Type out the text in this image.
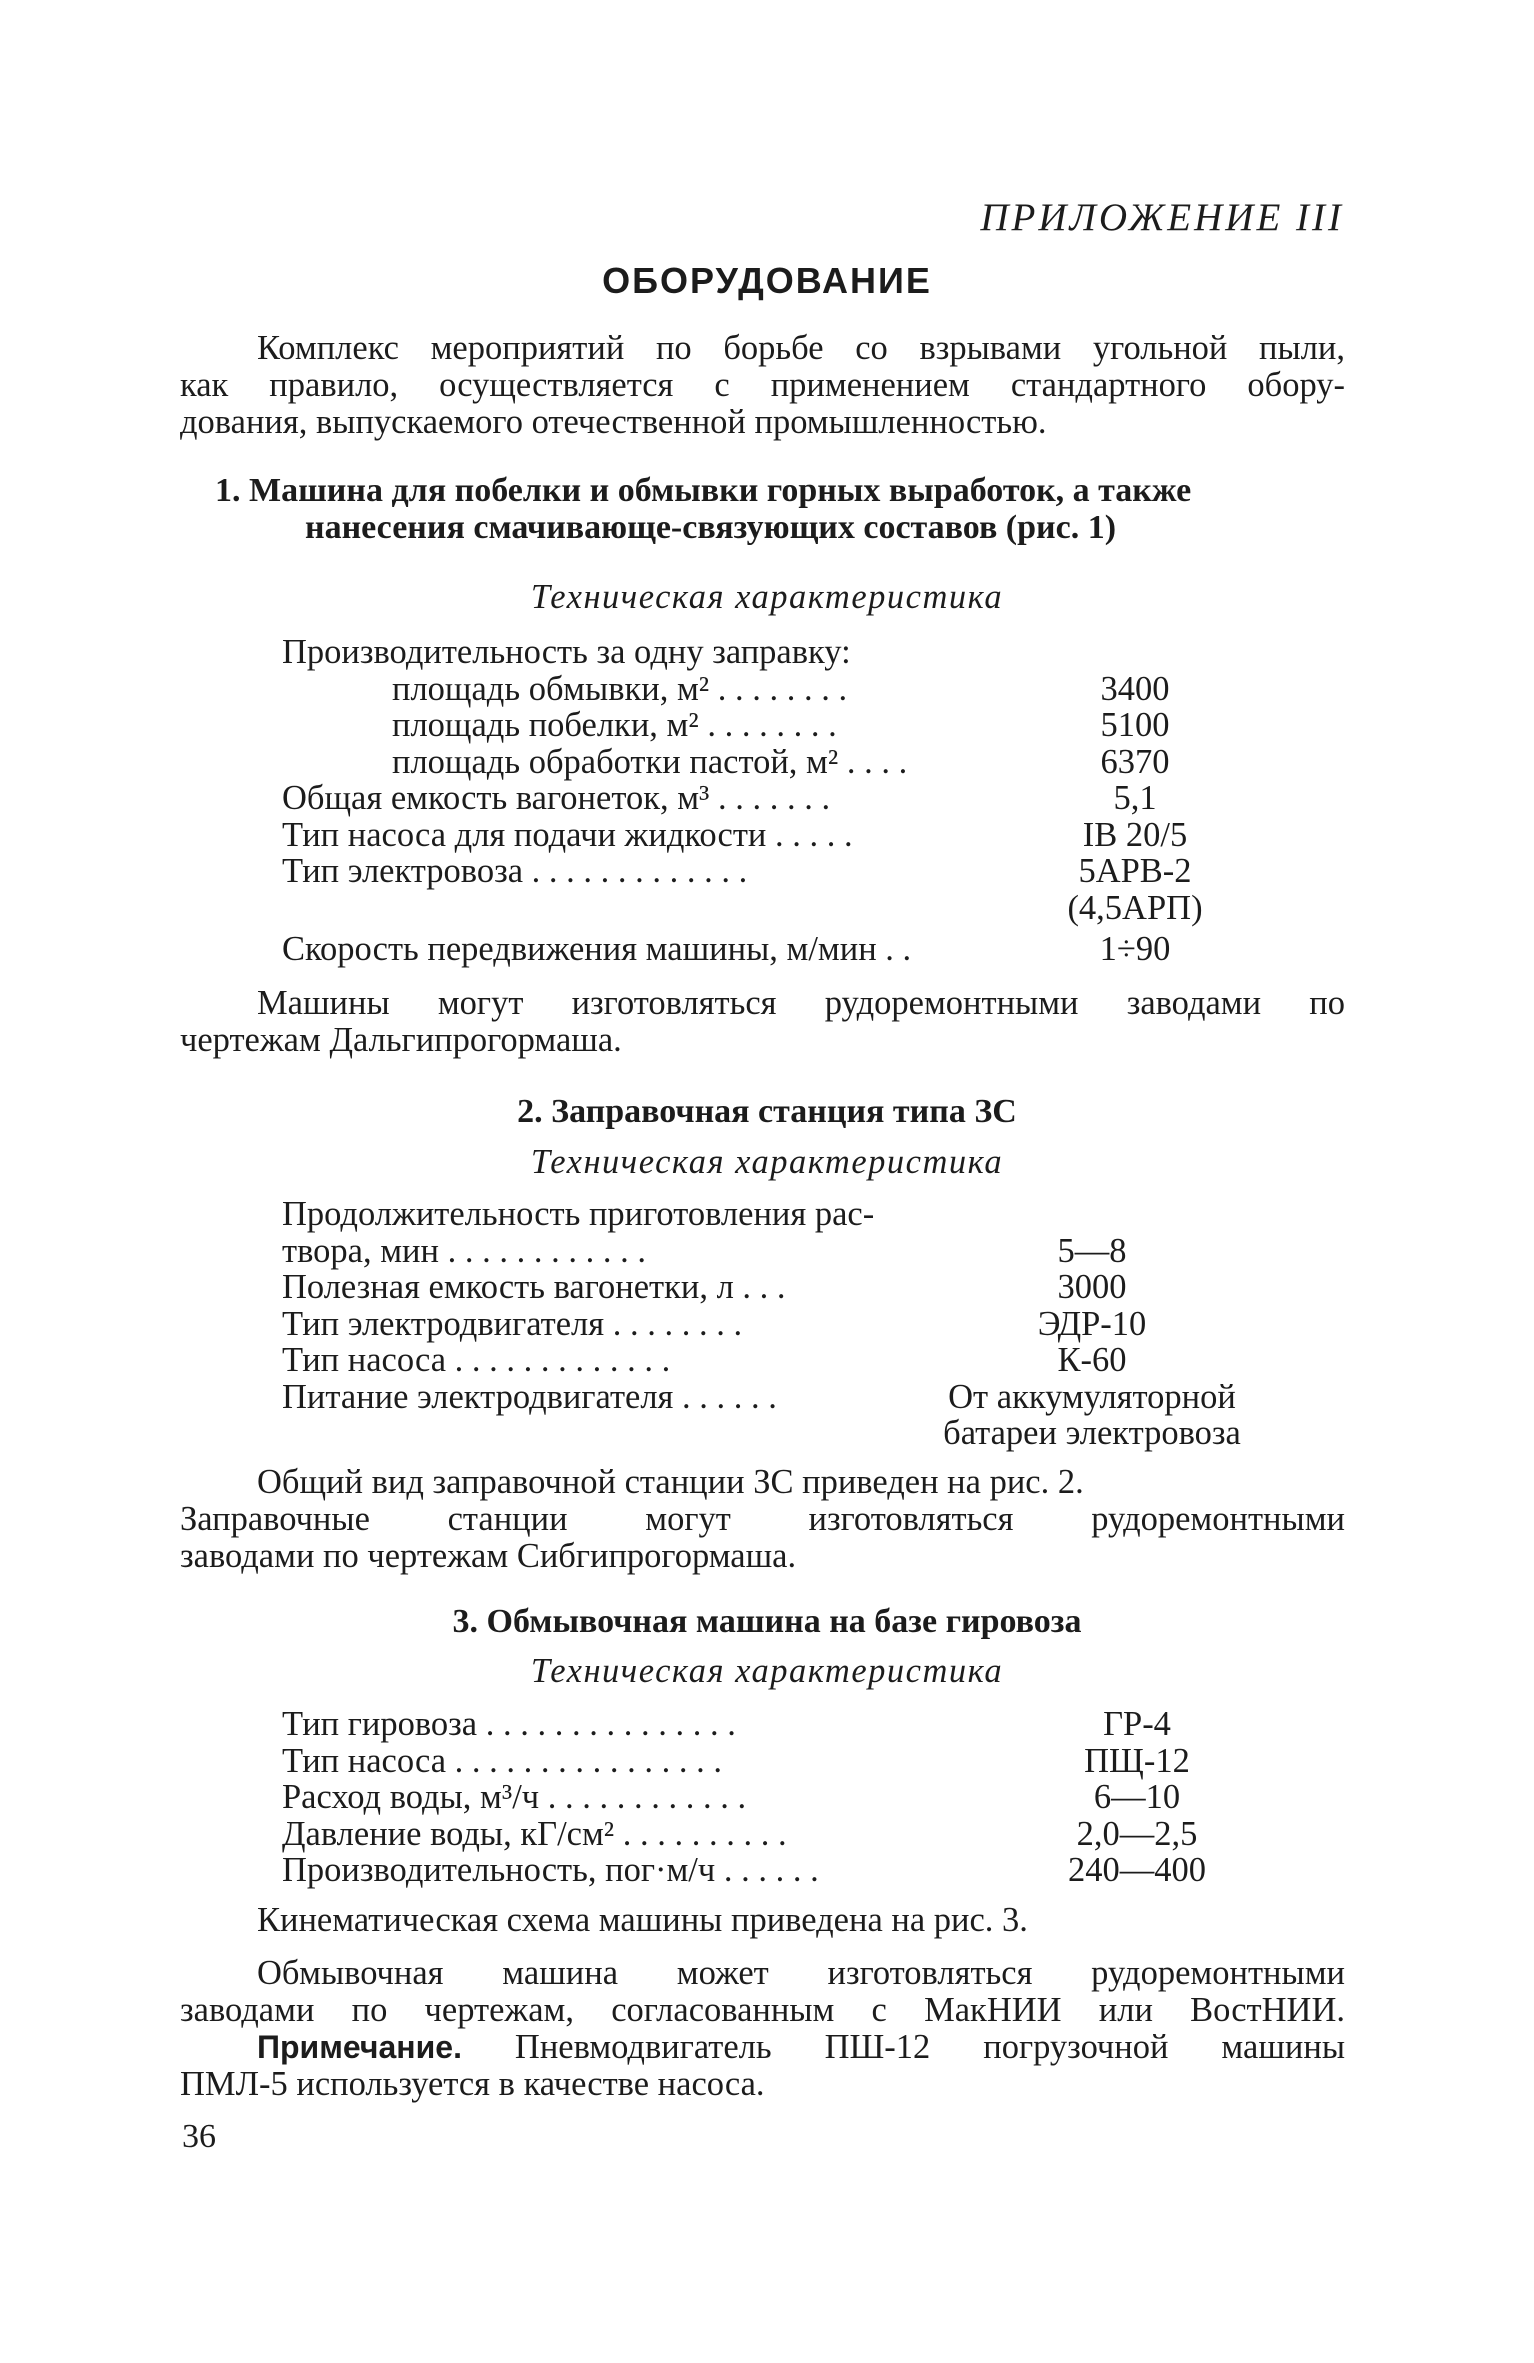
ПРИЛОЖЕНИЕ III
ОБОРУДОВАНИЕ
Комплекс мероприятий по борьбе со взрывами угольной пыли,
как правило, осуществляется с применением стандартного обору-
дования, выпускаемого отечественной промышленностью.
1. Машина для побелки и обмывки горных выработок, а также
нанесения смачивающе-связующих составов (рис. 1)
Техническая характеристика
Производительность за одну заправку:
площадь обмывки, м² . . . . . . . .	3400
площадь побелки, м² . . . . . . . .	5100
площадь обработки пастой, м² . . . .	6370
Общая емкость вагонеток, м³ . . . . . . .	5,1
Тип насоса для подачи жидкости . . . . .	IB 20/5
Тип электровоза . . . . . . . . . . . . .	5АРВ-2
(4,5АРП)
Скорость передвижения машины, м/мин . .	1÷90
Машины могут изготовляться рудоремонтными заводами по
чертежам Дальгипрогормаша.
2. Заправочная станция типа ЗС
Техническая характеристика
Продолжительность приготовления рас-
твора, мин . . . . . . . . . . . .	5—8
Полезная емкость вагонетки, л . . .	3000
Тип электродвигателя . . . . . . . .	ЭДР-10
Тип насоса . . . . . . . . . . . . .	К-60
Питание электродвигателя . . . . . .	От аккумуляторной
батареи электровоза
Общий вид заправочной станции ЗС приведен на рис. 2.
Заправочные станции могут изготовляться рудоремонтными
заводами по чертежам Сибгипрогормаша.
3. Обмывочная машина на базе гировоза
Техническая характеристика
Тип гировоза . . . . . . . . . . . . . . .	ГР-4
Тип насоса . . . . . . . . . . . . . . . .	ПЩ-12
Расход воды, м³/ч . . . . . . . . . . . .	6—10
Давление воды, кГ/см² . . . . . . . . . .	2,0—2,5
Производительность, пог·м/ч . . . . . .	240—400
Кинематическая схема машины приведена на рис. 3.
Обмывочная машина может изготовляться рудоремонтными
заводами по чертежам, согласованным с МакНИИ или ВостНИИ.
Примечание. Пневмодвигатель ПШ-12 погрузочной машины
ПМЛ-5 используется в качестве насоса.
36
